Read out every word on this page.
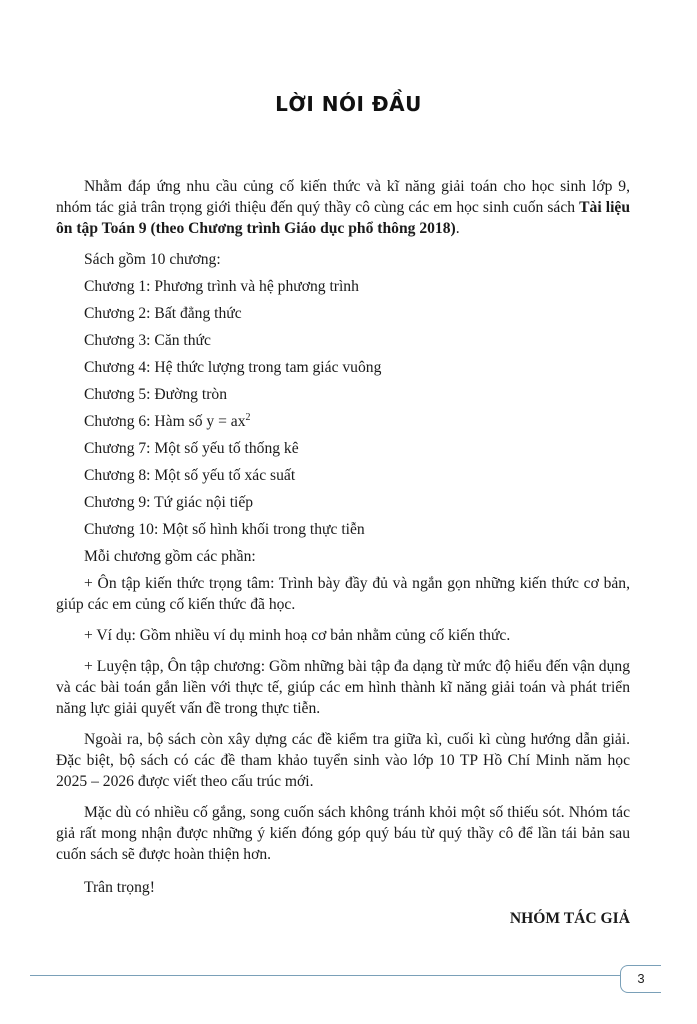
LỜI NÓI ĐẦU

Nhằm đáp ứng nhu cầu củng cố kiến thức và kĩ năng giải toán cho học sinh lớp 9, nhóm tác giả trân trọng giới thiệu đến quý thầy cô cùng các em học sinh cuốn sách Tài liệu ôn tập Toán 9 (theo Chương trình Giáo dục phổ thông 2018).

Sách gồm 10 chương:
Chương 1: Phương trình và hệ phương trình
Chương 2: Bất đẳng thức
Chương 3: Căn thức
Chương 4: Hệ thức lượng trong tam giác vuông
Chương 5: Đường tròn
Chương 6: Hàm số $y = ax^2$
Chương 7: Một số yếu tố thống kê
Chương 8: Một số yếu tố xác suất
Chương 9: Tứ giác nội tiếp
Chương 10: Một số hình khối trong thực tiễn
Mỗi chương gồm các phần:

+ Ôn tập kiến thức trọng tâm: Trình bày đầy đủ và ngắn gọn những kiến thức cơ bản, giúp các em củng cố kiến thức đã học.

+ Ví dụ: Gồm nhiều ví dụ minh hoạ cơ bản nhằm củng cố kiến thức.

+ Luyện tập, Ôn tập chương: Gồm những bài tập đa dạng từ mức độ hiểu đến vận dụng và các bài toán gắn liền với thực tế, giúp các em hình thành kĩ năng giải toán và phát triển năng lực giải quyết vấn đề trong thực tiễn.

Ngoài ra, bộ sách còn xây dựng các đề kiểm tra giữa kì, cuối kì cùng hướng dẫn giải. Đặc biệt, bộ sách có các đề tham khảo tuyển sinh vào lớp 10 TP Hồ Chí Minh năm học 2025 – 2026 được viết theo cấu trúc mới.

Mặc dù có nhiều cố gắng, song cuốn sách không tránh khỏi một số thiếu sót. Nhóm tác giả rất mong nhận được những ý kiến đóng góp quý báu từ quý thầy cô để lần tái bản sau cuốn sách sẽ được hoàn thiện hơn.

Trân trọng!
NHÓM TÁC GIẢ
3
